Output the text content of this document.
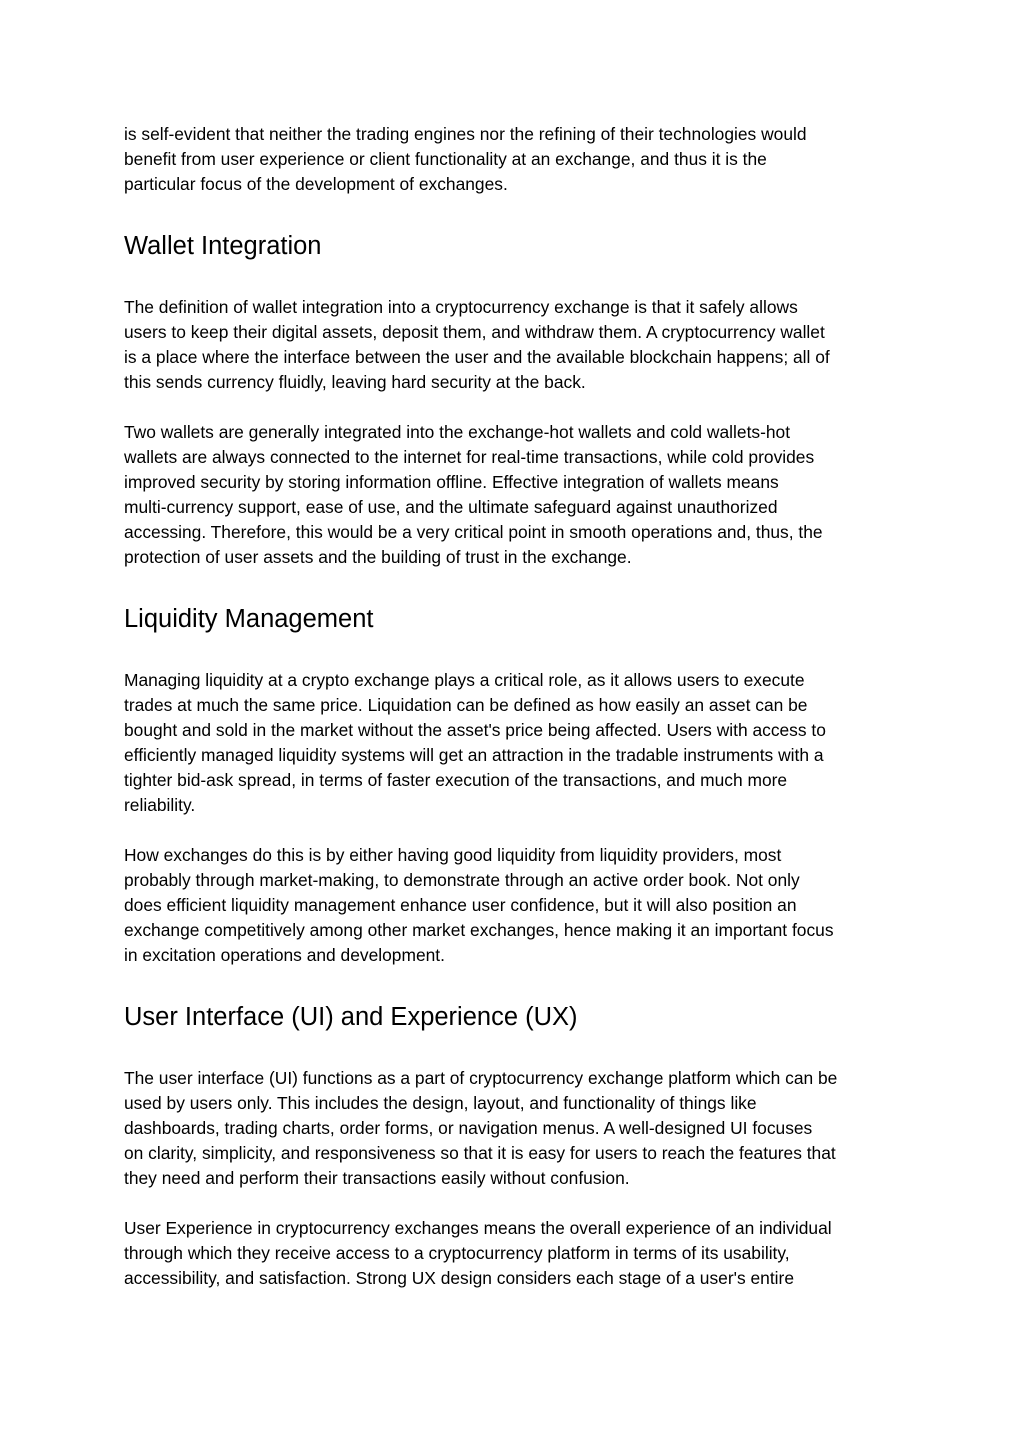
is self-evident that neither the trading engines nor the refining of their technologies would
benefit from user experience or client functionality at an exchange, and thus it is the
particular focus of the development of exchanges.

Wallet Integration

The definition of wallet integration into a cryptocurrency exchange is that it safely allows
users to keep their digital assets, deposit them, and withdraw them. A cryptocurrency wallet
is a place where the interface between the user and the available blockchain happens; all of
this sends currency fluidly, leaving hard security at the back.

Two wallets are generally integrated into the exchange-hot wallets and cold wallets-hot
wallets are always connected to the internet for real-time transactions, while cold provides
improved security by storing information offline. Effective integration of wallets means
multi-currency support, ease of use, and the ultimate safeguard against unauthorized
accessing. Therefore, this would be a very critical point in smooth operations and, thus, the
protection of user assets and the building of trust in the exchange.

Liquidity Management

Managing liquidity at a crypto exchange plays a critical role, as it allows users to execute
trades at much the same price. Liquidation can be defined as how easily an asset can be
bought and sold in the market without the asset's price being affected. Users with access to
efficiently managed liquidity systems will get an attraction in the tradable instruments with a
tighter bid-ask spread, in terms of faster execution of the transactions, and much more
reliability.

How exchanges do this is by either having good liquidity from liquidity providers, most
probably through market-making, to demonstrate through an active order book. Not only
does efficient liquidity management enhance user confidence, but it will also position an
exchange competitively among other market exchanges, hence making it an important focus
in excitation operations and development.

User Interface (UI) and Experience (UX)

The user interface (UI) functions as a part of cryptocurrency exchange platform which can be
used by users only. This includes the design, layout, and functionality of things like
dashboards, trading charts, order forms, or navigation menus. A well-designed UI focuses
on clarity, simplicity, and responsiveness so that it is easy for users to reach the features that
they need and perform their transactions easily without confusion.

User Experience in cryptocurrency exchanges means the overall experience of an individual
through which they receive access to a cryptocurrency platform in terms of its usability,
accessibility, and satisfaction. Strong UX design considers each stage of a user's entire
